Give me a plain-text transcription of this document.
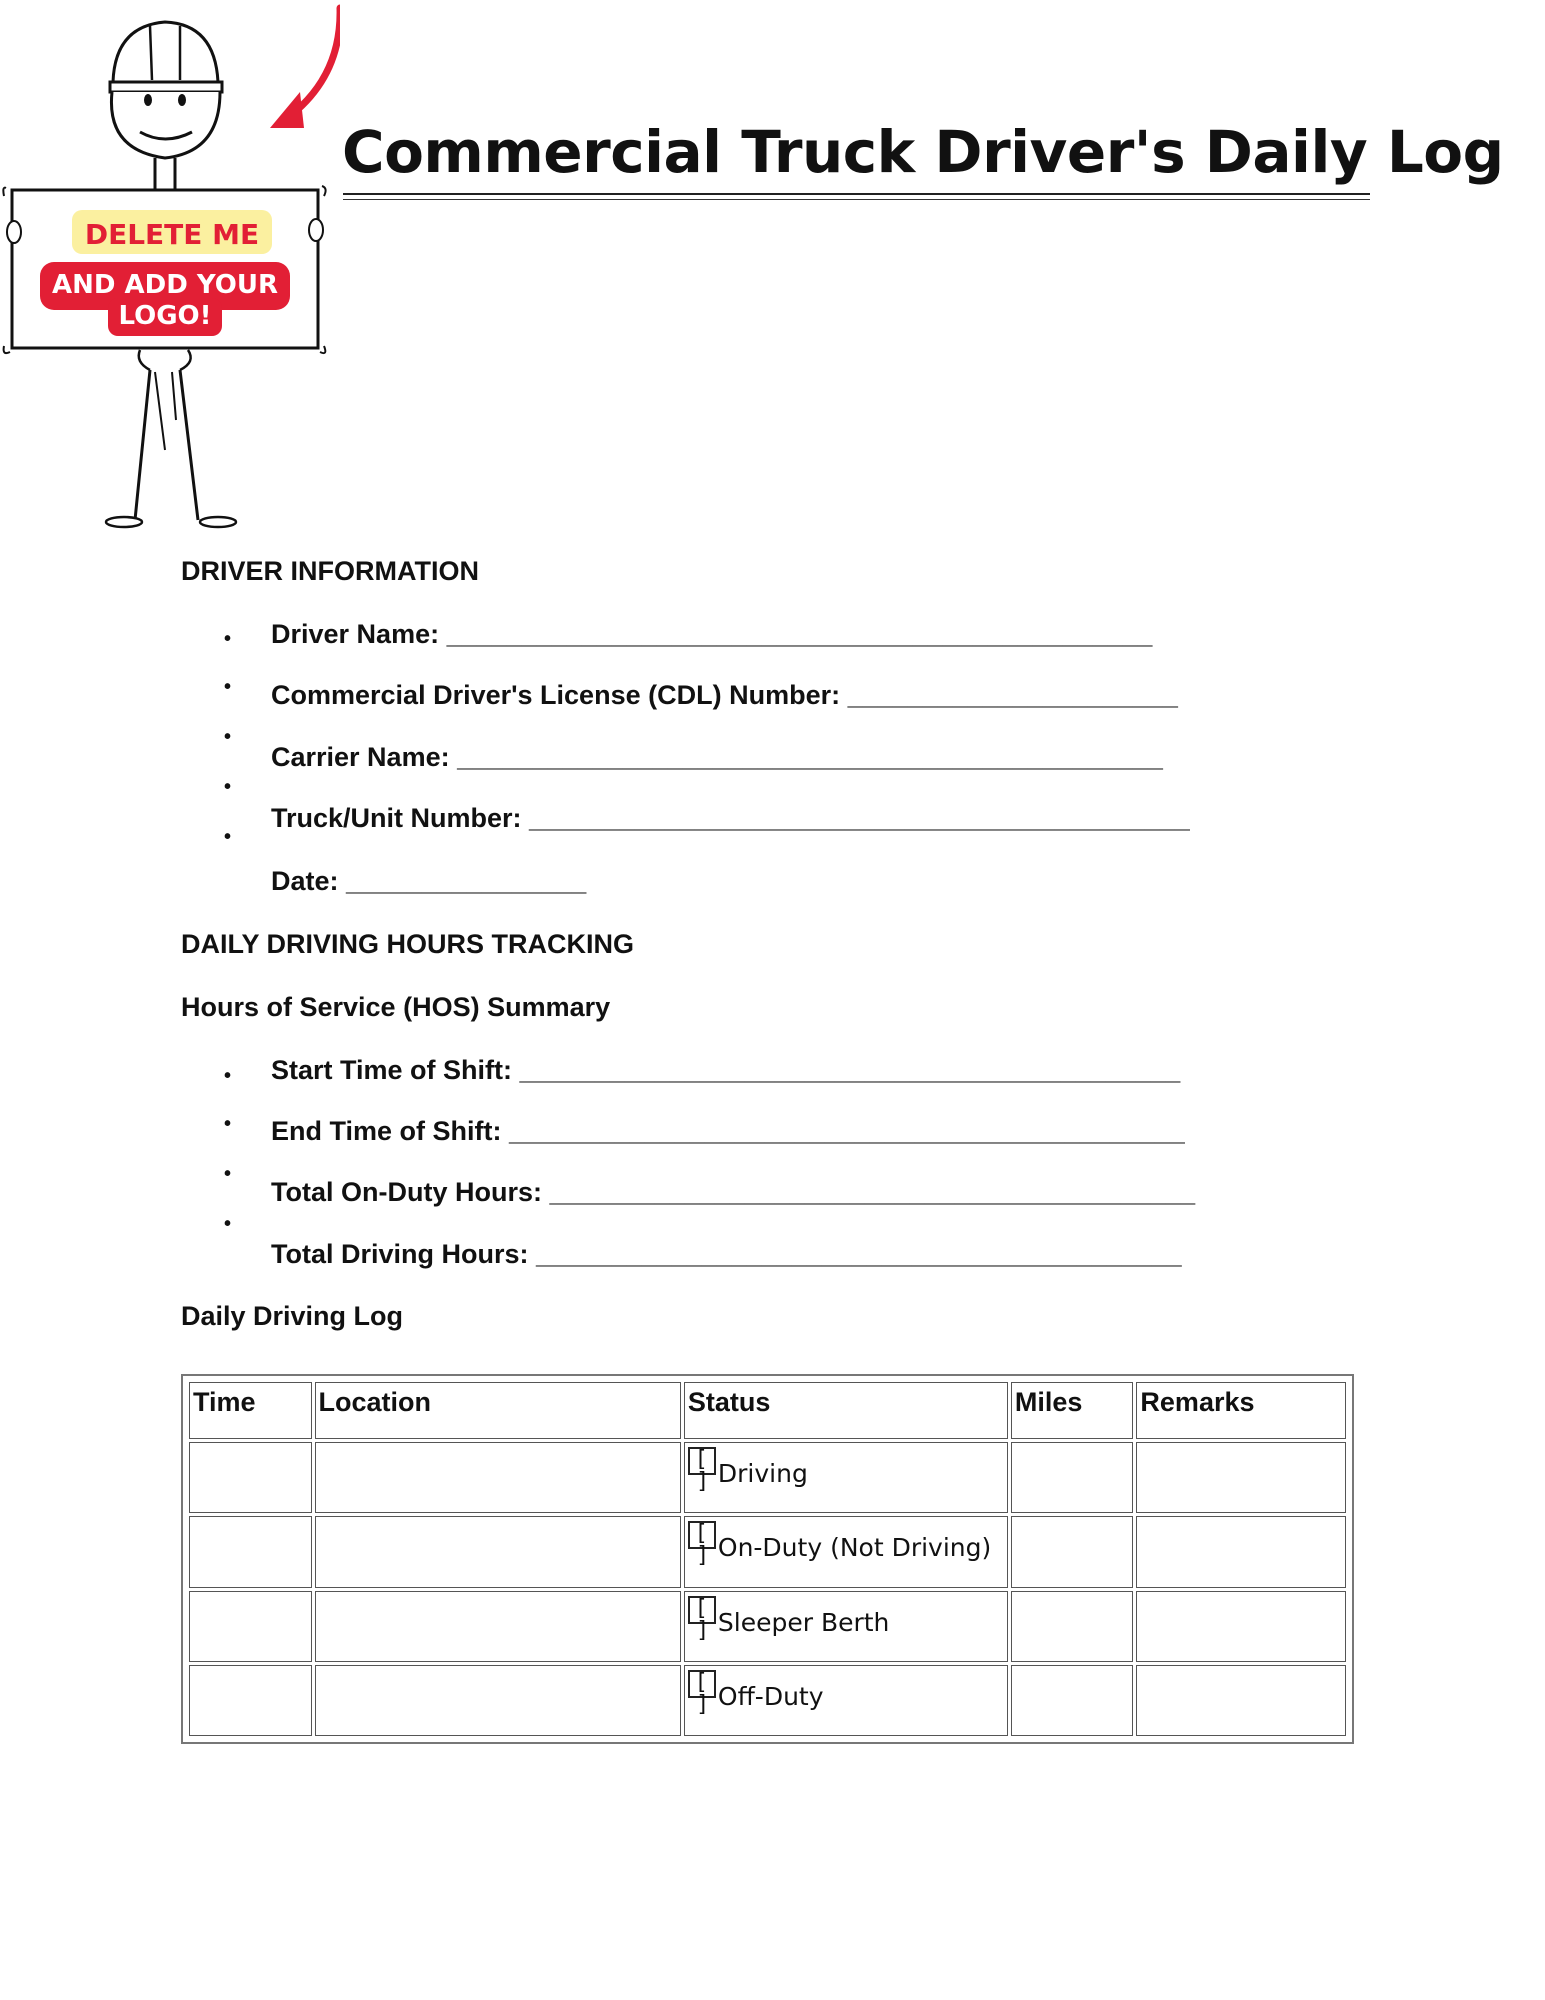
DELETE ME
AND ADD YOUR
LOGO!
Commercial Truck Driver's Daily Log
DRIVER INFORMATION
•
•
•
•
•
Driver Name: _______________________________________________
Commercial Driver's License (CDL) Number: ______________________
Carrier Name: _______________________________________________
Truck/Unit Number: ____________________________________________
Date: ________________
DAILY DRIVING HOURS TRACKING
Hours of Service (HOS) Summary
•
•
•
•
Start Time of Shift: ____________________________________________
End Time of Shift: _____________________________________________
Total On-Duty Hours: ___________________________________________
Total Driving Hours: ___________________________________________
Daily Driving Log
Time	Location	Status	Miles	Remarks
		[ ] Driving		
		[ ] On-Duty (Not Driving)		
		[ ] Sleeper Berth		
		[ ] Off-Duty		
